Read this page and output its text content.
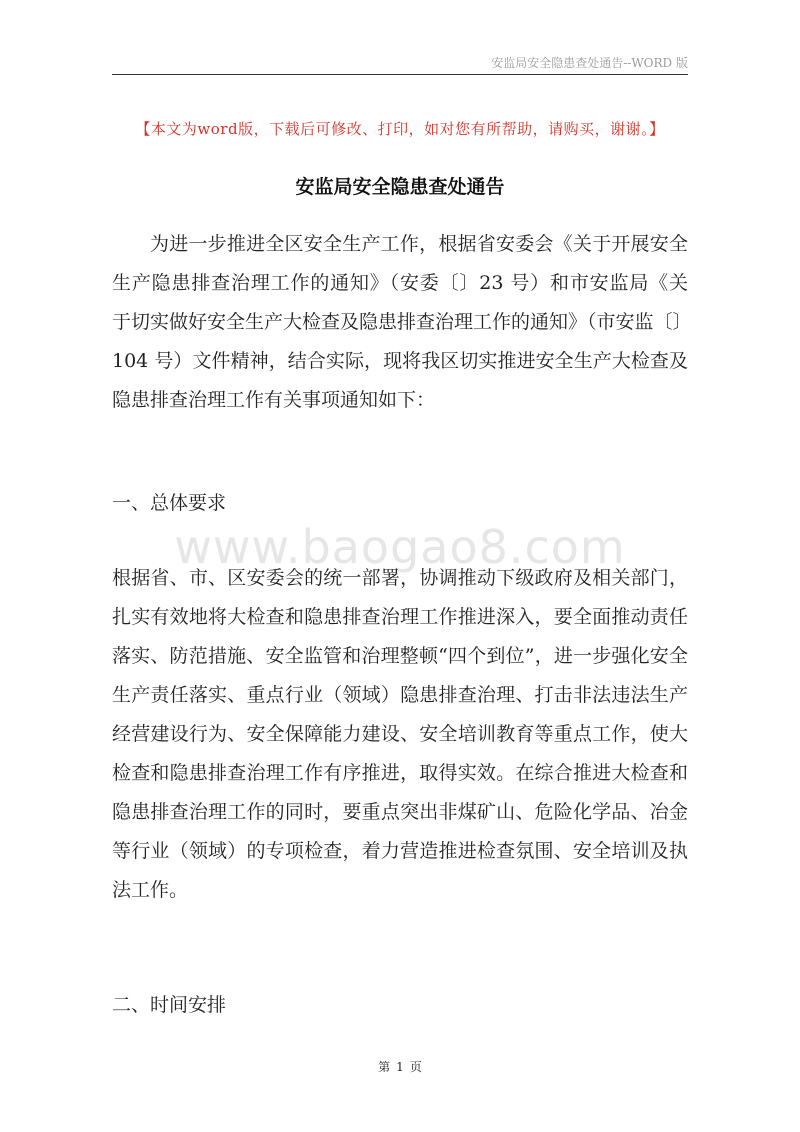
安监局安全隐患查处通告--WORD 版
【本文为word版，下载后可修改、打印，如对您有所帮助，请购买，谢谢。】
安监局安全隐患查处通告
为进一步推进全区安全生产工作，根据省安委会《关于开展安全
生产隐患排查治理工作的通知》（安委〔〕23 号）和市安监局《关
于切实做好安全生产大检查及隐患排查治理工作的通知》（市安监〔〕
104 号）文件精神，结合实际，现将我区切实推进安全生产大检查及
隐患排查治理工作有关事项通知如下：
一、总体要求
www.baogao8.com
根据省、市、区安委会的统一部署，协调推动下级政府及相关部门，
扎实有效地将大检查和隐患排查治理工作推进深入，要全面推动责任
落实、防范措施、安全监管和治理整顿“四个到位”，进一步强化安全
生产责任落实、重点行业（领域）隐患排查治理、打击非法违法生产
经营建设行为、安全保障能力建设、安全培训教育等重点工作，使大
检查和隐患排查治理工作有序推进，取得实效。在综合推进大检查和
隐患排查治理工作的同时，要重点突出非煤矿山、危险化学品、冶金
等行业（领域）的专项检查，着力营造推进检查氛围、安全培训及执
法工作。
二、时间安排
第 1 页
